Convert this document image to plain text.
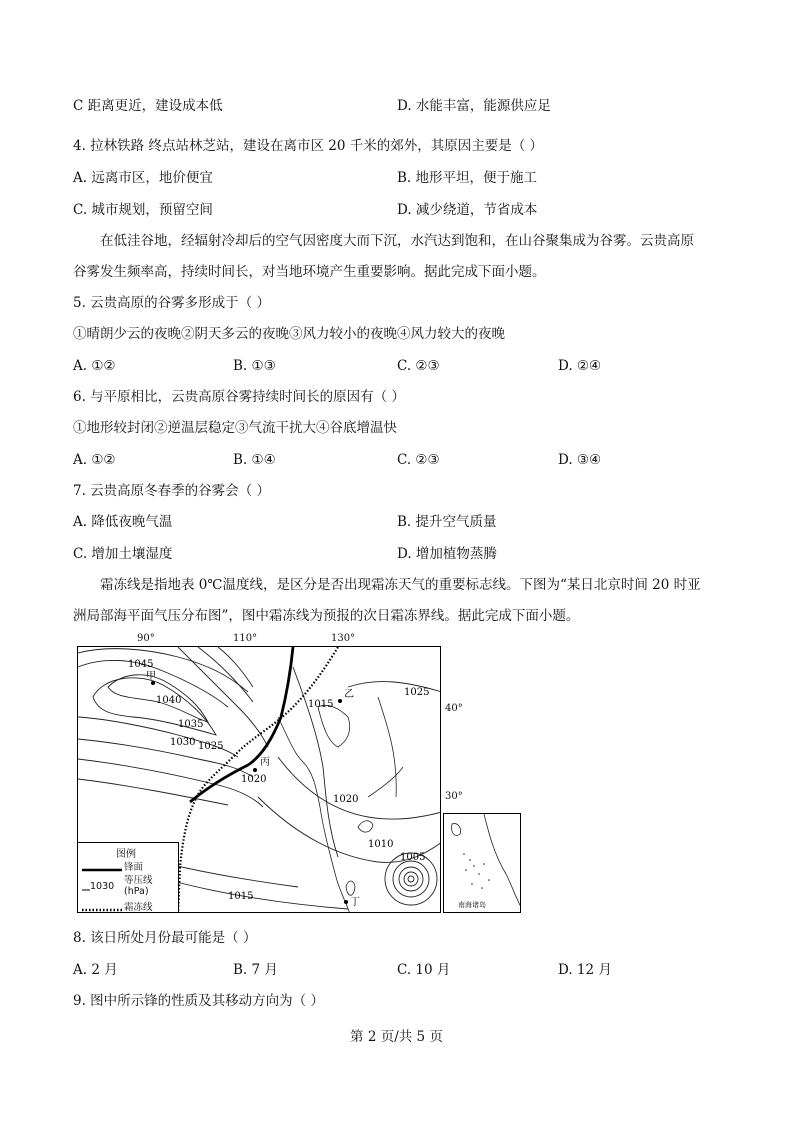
C 距离更近，建设成本低	D. 水能丰富，能源供应足
4. 拉林铁路 终点站林芝站，建设在离市区 20 千米的郊外，其原因主要是（ ）
A. 远离市区，地价便宜	B. 地形平坦，便于施工
C. 城市规划，预留空间	D. 减少绕道，节省成本
在低洼谷地，经辐射冷却后的空气因密度大而下沉，水汽达到饱和，在山谷聚集成为谷雾。云贵高原
谷雾发生频率高，持续时间长，对当地环境产生重要影响。据此完成下面小题。
5. 云贵高原的谷雾多形成于（ ）
①晴朗少云的夜晚②阴天多云的夜晚③风力较小的夜晚④风力较大的夜晚
A. ①②	B. ①③	C. ②③	D. ②④
6. 与平原相比，云贵高原谷雾持续时间长的原因有（ ）
①地形较封闭②逆温层稳定③气流干扰大④谷底增温快
A. ①②	B. ①④	C. ②③	D. ③④
7. 云贵高原冬春季的谷雾会（ ）
A. 降低夜晚气温	B. 提升空气质量
C. 增加土壤湿度	D. 增加植物蒸腾
霜冻线是指地表 0℃温度线，是区分是否出现霜冻天气的重要标志线。下图为“某日北京时间 20 时亚
洲局部海平面气压分布图”，图中霜冻线为预报的次日霜冻界线。据此完成下面小题。
90°	110°	130°
40°
30°
1045
1040
1035
1030 1025
1020
1015
1025
1020
1010
1005
1015
甲
丙
乙
丁
图例
锋面
1030
等压线
(hPa)
霜冻线	南海诸岛
8. 该日所处月份最可能是（ ）
A. 2 月	B. 7 月	C. 10 月	D. 12 月
9. 图中所示锋的性质及其移动方向为（ ）
第 2 页/共 5 页
